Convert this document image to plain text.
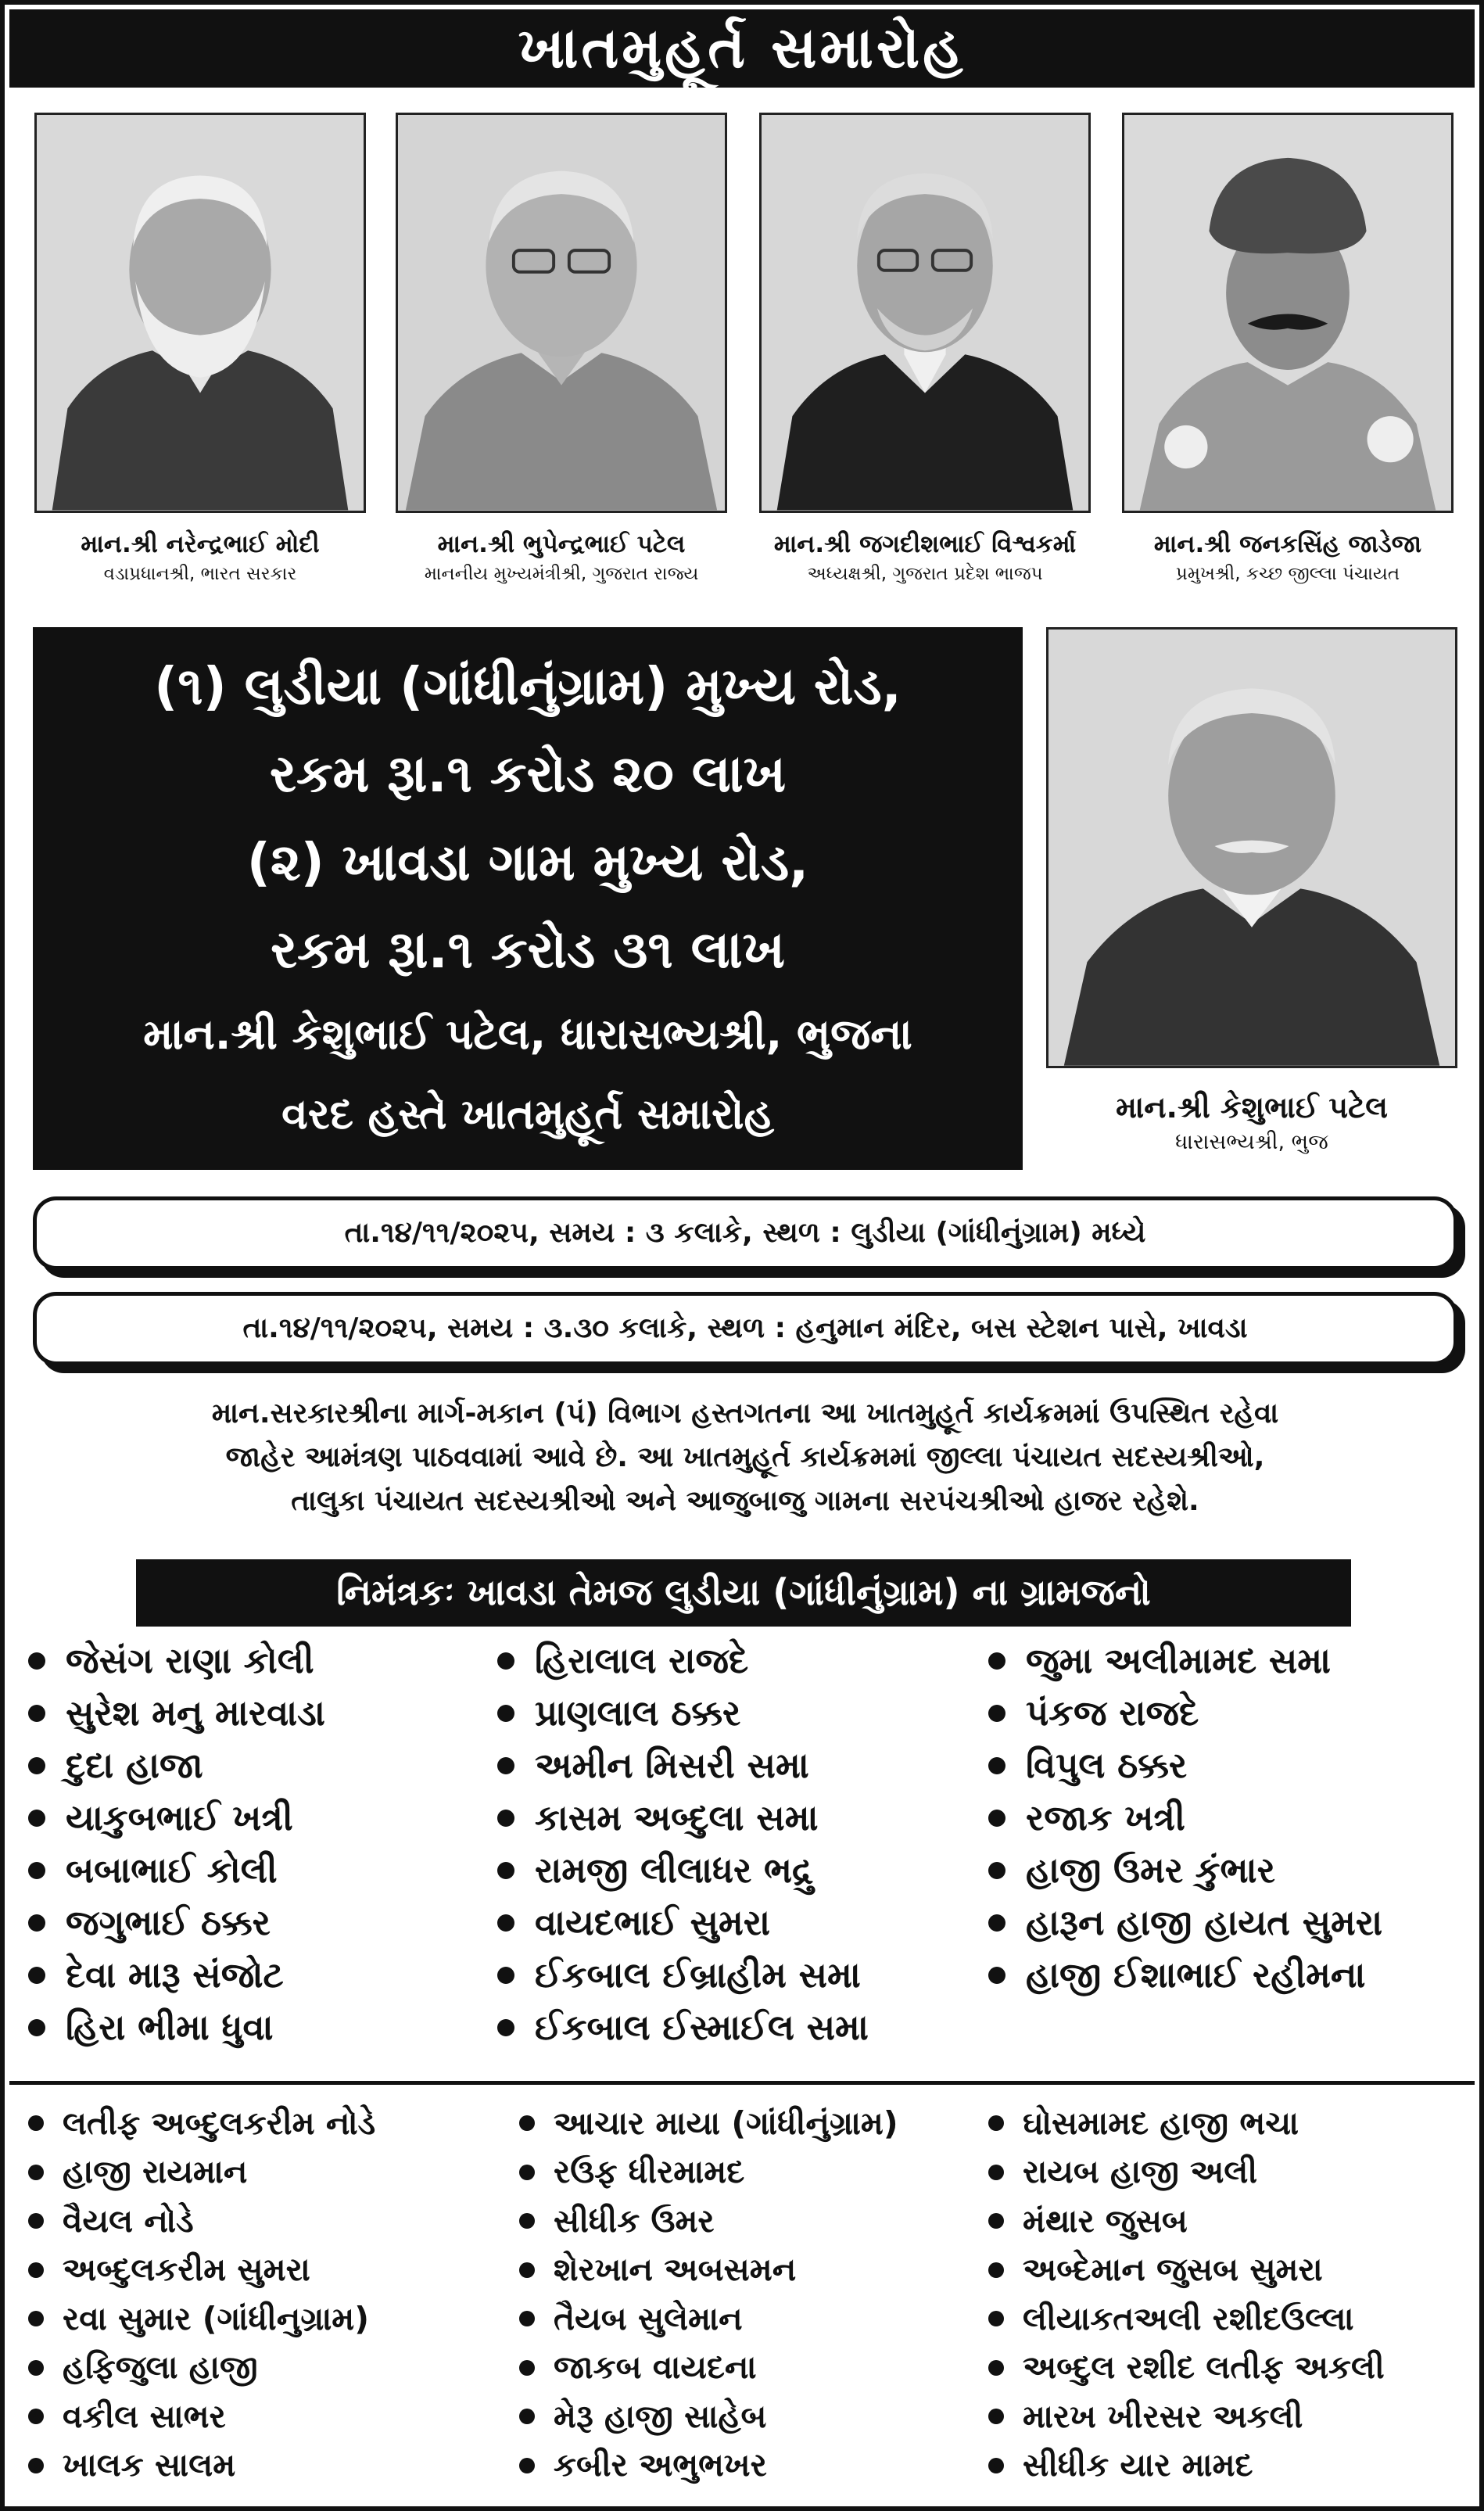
ખાતમુહૂર્ત સમારોહ
માન.શ્રી નરેન્દ્રભાઈ મોદી
વડાપ્રધાનશ્રી, ભારત સરકાર
માન.શ્રી ભુપેન્દ્રભાઈ પટેલ
માનનીય મુખ્યમંત્રીશ્રી, ગુજરાત રાજ્ય
માન.શ્રી જગદીશભાઈ વિશ્વકર્મા
અધ્યક્ષશ્રી, ગુજરાત પ્રદેશ ભાજપ
માન.શ્રી જનકસિંહ જાડેજા
પ્રમુખશ્રી, કચ્છ જીલ્લા પંચાયત
(૧) લુડીયા (ગાંધીનુંગ્રામ) મુખ્ય રોડ,
રકમ રૂા.૧ કરોડ ૨૦ લાખ
(૨) ખાવડા ગામ મુખ્ય રોડ,
રકમ રૂા.૧ કરોડ ૩૧ લાખ
માન.શ્રી કેશુભાઈ પટેલ, ધારાસભ્યશ્રી, ભુજના
વરદ હસ્તે ખાતમુહૂર્ત સમારોહ	માન.શ્રી કેશુભાઈ પટેલ
ધારાસભ્યશ્રી, ભુજ
તા.૧૪/૧૧/૨૦૨૫, સમય : ૩ કલાકે, સ્થળ : લુડીયા (ગાંધીનુંગ્રામ) મધ્યે
તા.૧૪/૧૧/૨૦૨૫, સમય : ૩.૩૦ કલાકે, સ્થળ : હનુમાન મંદિર, બસ સ્ટેશન પાસે, ખાવડા
માન.સરકારશ્રીના માર્ગ-મકાન (પં) વિભાગ હસ્તગતના આ ખાતમુહૂર્ત કાર્યક્રમમાં ઉપસ્થિત રહેવા
જાહેર આમંત્રણ પાઠવવામાં આવે છે. આ ખાતમુહૂર્ત કાર્યક્રમમાં જીલ્લા પંચાયત સદસ્યશ્રીઓ,
તાલુકા પંચાયત સદસ્યશ્રીઓ અને આજુબાજુ ગામના સરપંચશ્રીઓ હાજર રહેશે.
નિમંત્રકઃ ખાવડા તેમજ લુડીયા (ગાંધીનુંગ્રામ) ના ગ્રામજનો
જેસંગ રાણા કોલી
સુરેશ મનુ મારવાડા
દુદા હાજા
યાકુબભાઈ ખત્રી
બબાભાઈ કોલી
જગુભાઈ ઠક્કર
દેવા મારૂ સંજોટ
હિરા ભીમા ધુવા
હિરાલાલ રાજદે
પ્રાણલાલ ઠક્કર
અમીન મિસરી સમા
કાસમ અબ્દુલા સમા
રામજી લીલાધર ભદ્રુ
વાયદભાઈ સુમરા
ઈકબાલ ઈબ્રાહીમ સમા
ઈકબાલ ઈસ્માઈલ સમા
જુમા અલીમામદ સમા
પંકજ રાજદે
વિપુલ ઠક્કર
રજાક ખત્રી
હાજી ઉમર કુંભાર
હારૂન હાજી હાયત સુમરા
હાજી ઈશાભાઈ રહીમના
લતીફ અબ્દુલકરીમ નોડે
હાજી રાયમાન
વૈયલ નોડે
અબ્દુલકરીમ સુમરા
રવા સુમાર (ગાંધીનુગ્રામ)
હફિજુલા હાજી
વકીલ સાભર
ખાલક સાલમ
આચાર માયા (ગાંધીનુંગ્રામ)
રઉફ ધીરમામદ
સીધીક ઉમર
શેરખાન અબસમન
તૈયબ સુલેમાન
જાકબ વાયદના
મેરૂ હાજી સાહેબ
કબીર અભુભખર
ઘોસમામદ હાજી ભચા
રાયબ હાજી અલી
મંથાર જુસબ
અબ્દેમાન જુસબ સુમરા
લીયાકતઅલી રશીદઉલ્લા
અબ્દુલ રશીદ લતીફ અકલી
મારખ ખીરસર અકલી
સીધીક યાર મામદ
